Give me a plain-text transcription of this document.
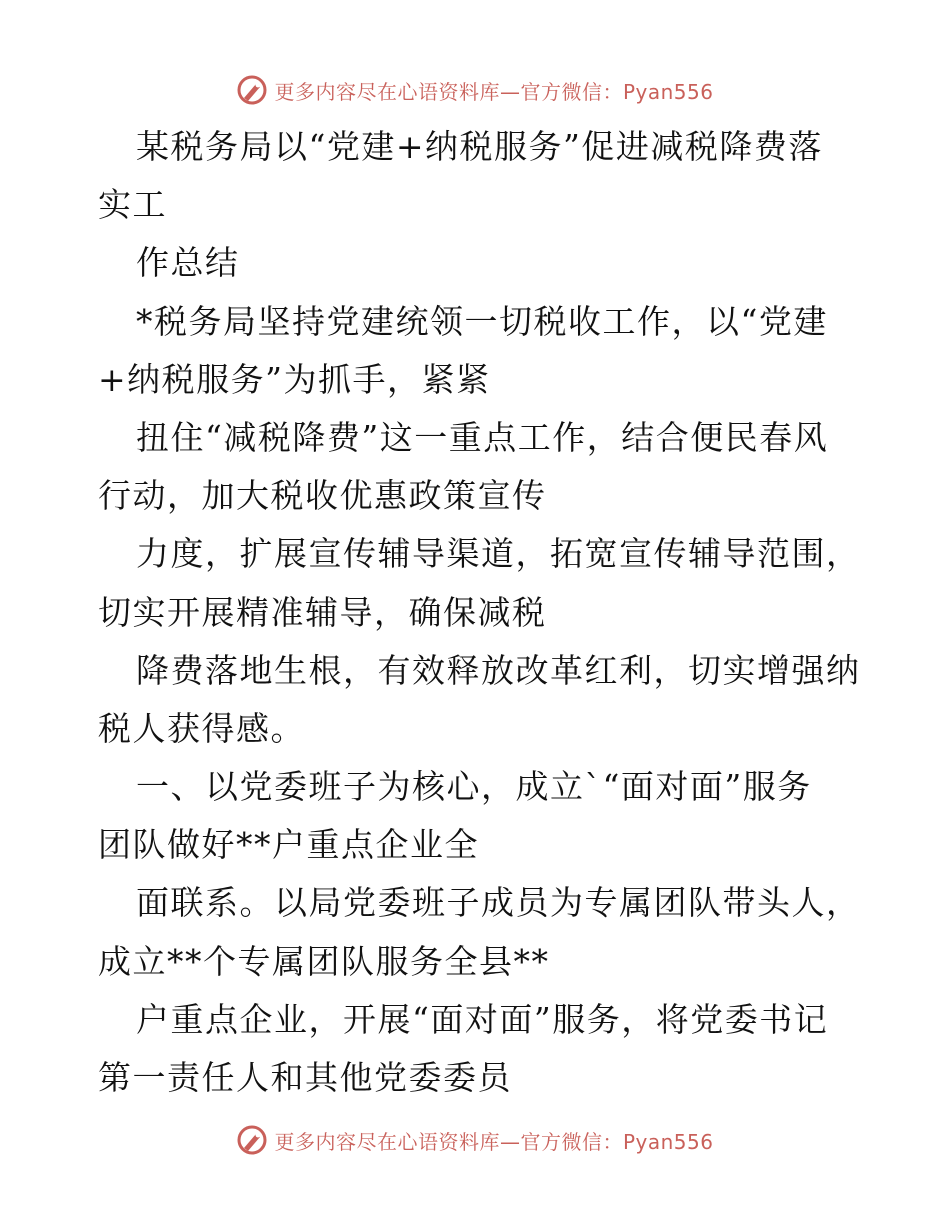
更多内容尽在心语资料库—官方微信：Pyan556
某税务局以“党建+纳税服务”促进减税降费落
实工
作总结
*税务局坚持党建统领一切税收工作，以“党建
+纳税服务”为抓手，紧紧
扭住“减税降费”这一重点工作，结合便民春风
行动，加大税收优惠政策宣传
力度，扩展宣传辅导渠道，拓宽宣传辅导范围，
切实开展精准辅导，确保减税
降费落地生根，有效释放改革红利，切实增强纳
税人获得感。
一、以党委班子为核心，成立`“面对面”服务
团队做好**户重点企业全
面联系。以局党委班子成员为专属团队带头人，
成立**个专属团队服务全县**
户重点企业，开展“面对面”服务，将党委书记
第一责任人和其他党委委员
更多内容尽在心语资料库—官方微信：Pyan556
